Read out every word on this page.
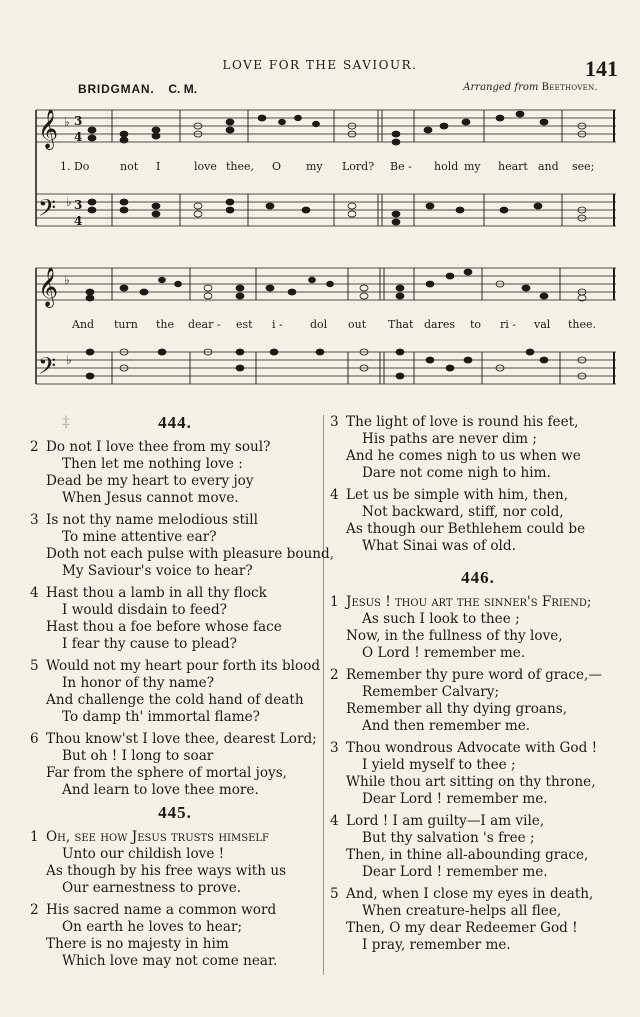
LOVE FOR THE SAVIOUR.	141
BRIDGMAN. C. M.	Arranged from Beethoven.
𝄞
𝄢
𝄞
𝄢
♭
♭
♭
♭
3
4
3
4
1. Do	not I	love thee, O my Lord? Be - hold my heart and see;
And turn the dear - est i - dol out That dares to ri - val thee.
‡	444.
2 Do not I love thee from my soul?
Then let me nothing love :
Dead be my heart to every joy
When Jesus cannot move.
3 Is not thy name melodious still
To mine attentive ear?
Doth not each pulse with pleasure bound,
My Saviour's voice to hear?
4 Hast thou a lamb in all thy flock
I would disdain to feed?
Hast thou a foe before whose face
I fear thy cause to plead?
5 Would not my heart pour forth its blood
In honor of thy name?
And challenge the cold hand of death
To damp th' immortal flame?
6 Thou know'st I love thee, dearest Lord;
But oh ! I long to soar
Far from the sphere of mortal joys,
And learn to love thee more.
445.
1 Oh, see how Jesus trusts himself
Unto our childish love !
As though by his free ways with us
Our earnestness to prove.
2 His sacred name a common word
On earth he loves to hear;
There is no majesty in him
Which love may not come near.
3 The light of love is round his feet,
His paths are never dim ;
And he comes nigh to us when we
Dare not come nigh to him.
4 Let us be simple with him, then,
Not backward, stiff, nor cold,
As though our Bethlehem could be
What Sinai was of old.
446.
1 Jesus ! thou art the sinner's Friend;
As such I look to thee ;
Now, in the fullness of thy love,
O Lord ! remember me.
2 Remember thy pure word of grace,—
Remember Calvary;
Remember all thy dying groans,
And then remember me.
3 Thou wondrous Advocate with God !
I yield myself to thee ;
While thou art sitting on thy throne,
Dear Lord ! remember me.
4 Lord ! I am guilty—I am vile,
But thy salvation 's free ;
Then, in thine all-abounding grace,
Dear Lord ! remember me.
5 And, when I close my eyes in death,
When creature-helps all flee,
Then, O my dear Redeemer God !
I pray, remember me.
